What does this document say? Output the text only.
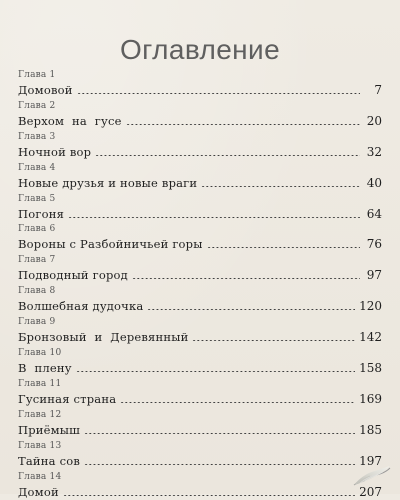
Оглавление
Глава 1
Домовой	7
Глава 2
Верхом на гусе	20
Глава 3
Ночной вор	32
Глава 4
Новые друзья и новые враги	40
Глава 5
Погоня	64
Глава 6
Вороны с Разбойничьей горы	76
Глава 7
Подводный город	97
Глава 8
Волшебная дудочка	120
Глава 9
Бронзовый и Деревянный	142
Глава 10
В плену	158
Глава 11
Гусиная страна	169
Глава 12
Приёмыш	185
Глава 13
Тайна сов	197
Глава 14
Домой	207
